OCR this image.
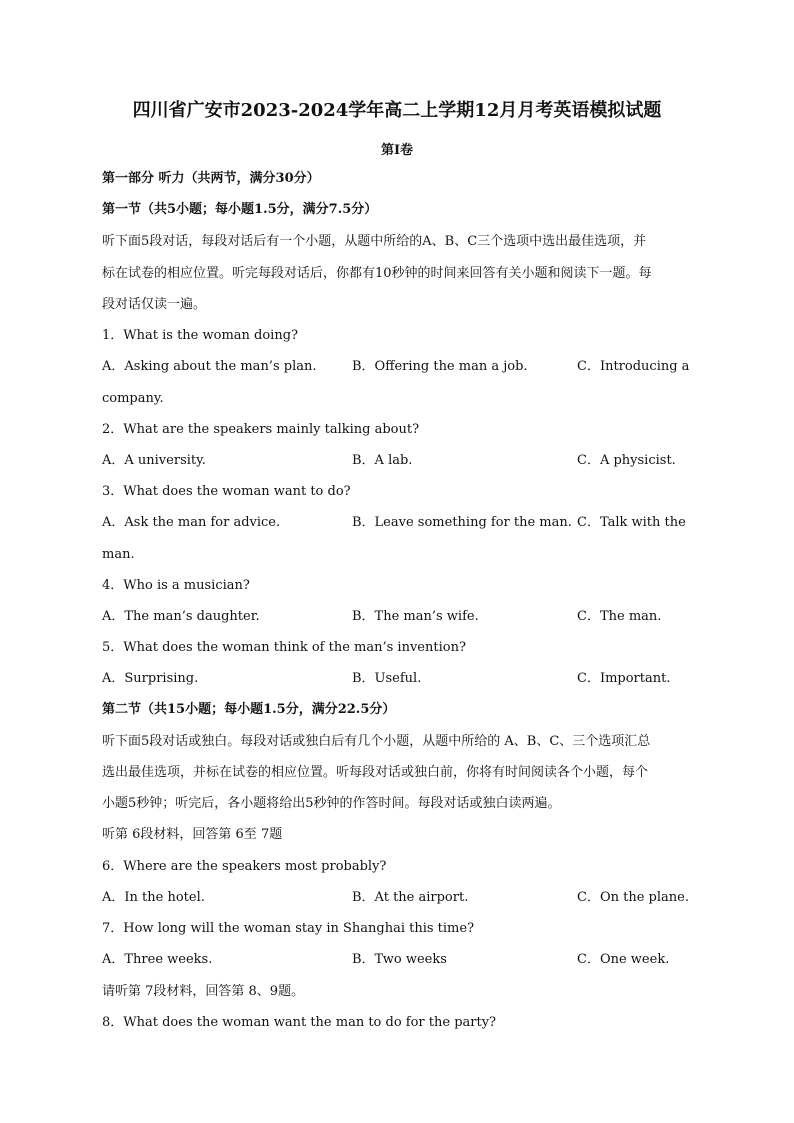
四川省广安市2023-2024学年高二上学期12月月考英语模拟试题
第Ⅰ卷
第一部分 听力（共两节，满分30分）
第一节（共5小题；每小题1.5分，满分7.5分）
听下面5段对话，每段对话后有一个小题，从题中所给的A、B、C三个选项中选出最佳选项，并
标在试卷的相应位置。听完每段对话后，你都有10秒钟的时间来回答有关小题和阅读下一题。每
段对话仅读一遍。
1．What is the woman doing?
A．Asking about the man’s plan.	B．Offering the man a job.	C．Introducing a
company.
2．What are the speakers mainly talking about?
A．A university.	B．A lab.	C．A physicist.
3．What does the woman want to do?
A．Ask the man for advice.	B．Leave something for the man. C．Talk with the
man.
4．Who is a musician?
A．The man’s daughter.	B．The man’s wife.	C．The man.
5．What does the woman think of the man’s invention?
A．Surprising.	B．Useful.	C．Important.
第二节（共15小题；每小题1.5分，满分22.5分）
听下面5段对话或独白。每段对话或独白后有几个小题，从题中所给的 A、B、C、三个选项汇总
选出最佳选项，并标在试卷的相应位置。听每段对话或独白前，你将有时间阅读各个小题，每个
小题5秒钟；听完后，各小题将给出5秒钟的作答时间。每段对话或独白读两遍。
听第 6段材料，回答第 6至 7题
6．Where are the speakers most probably?
A．In the hotel.	B．At the airport.	C．On the plane.
7．How long will the woman stay in Shanghai this time?
A．Three weeks.	B．Two weeks	C．One week.
请听第 7段材料，回答第 8、9题。
8．What does the woman want the man to do for the party?
